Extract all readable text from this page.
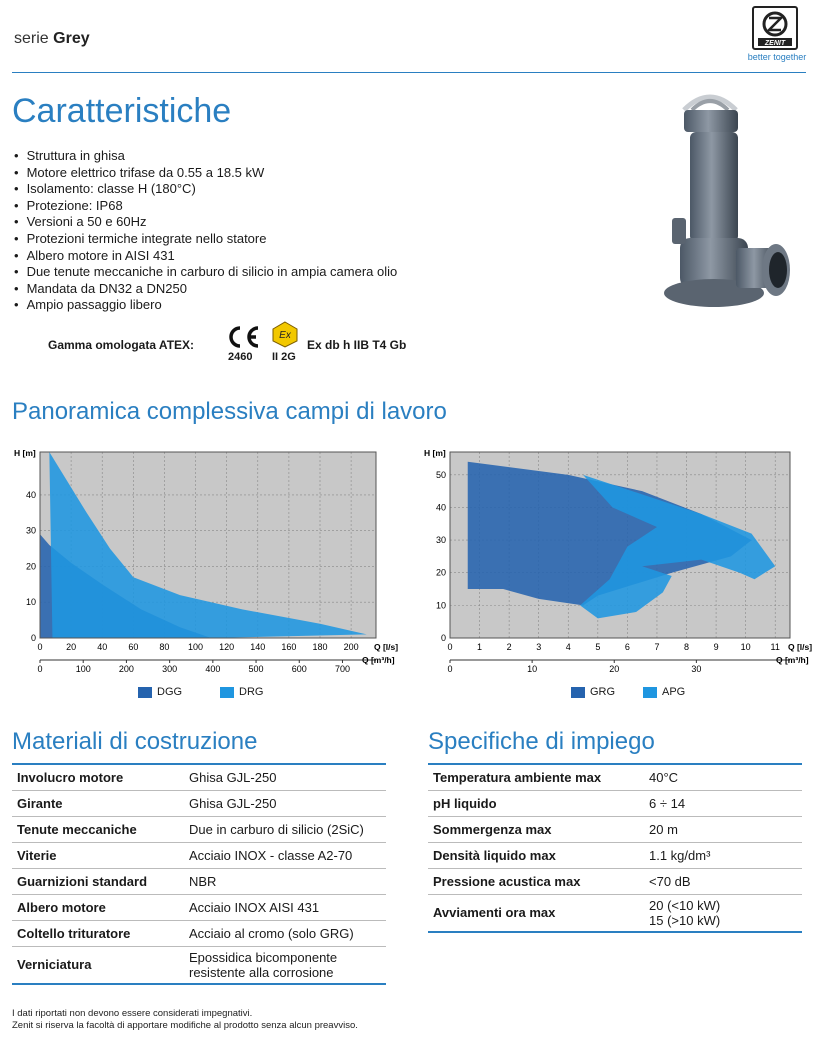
serie Grey	ZENIT
better together
Caratteristiche
• Struttura in ghisa
• Motore elettrico trifase da 0.55 a 18.5 kW
• Isolamento: classe H (180°C)
• Protezione: IP68
• Versioni a 50 e 60Hz
• Protezioni termiche integrate nello statore
• Albero motore in AISI 431
• Due tenute meccaniche in carburo di silicio in ampia camera olio
• Mandata da DN32 a DN250
• Ampio passaggio libero
Gamma omologata ATEX:
Ex
2460 II 2G
Ex db h IIB T4 Gb
Panoramica complessiva campi di lavoro
0	20 40 60 80 100 120 140 160 180 200
0
10
20
30
40
H [m]
Q [l/s]
0	100	200	300	400	500	600	700
Q [m³/h]
0	1	2	3	4	5	6	7	8	9 10 11
0
10
20
30
40
50
H [m]
Q [l/s]
0	10	20	30
Q [m³/h]
DGG	DRG	GRG	APG
Materiali di costruzione	Specifiche di impiego
Involucro motore	Ghisa GJL-250
Girante	Ghisa GJL-250
Tenute meccaniche	Due in carburo di silicio (2SiC)
Viterie	Acciaio INOX - classe A2-70
Guarnizioni standard	NBR
Albero motore	Acciaio INOX AISI 431
Coltello trituratore	Acciaio al cromo (solo GRG)
Verniciatura	Epossidica bicomponente
resistente alla corrosione
Temperatura ambiente max	40°C
pH liquido	6 ÷ 14
Sommergenza max	20 m
Densità liquido max	1.1 kg/dm³
Pressione acustica max	<70 dB
Avviamenti ora max	20 (<10 kW)
15 (>10 kW)
I dati riportati non devono essere considerati impegnativi.
Zenit si riserva la facoltà di apportare modifiche al prodotto senza alcun preavviso.
